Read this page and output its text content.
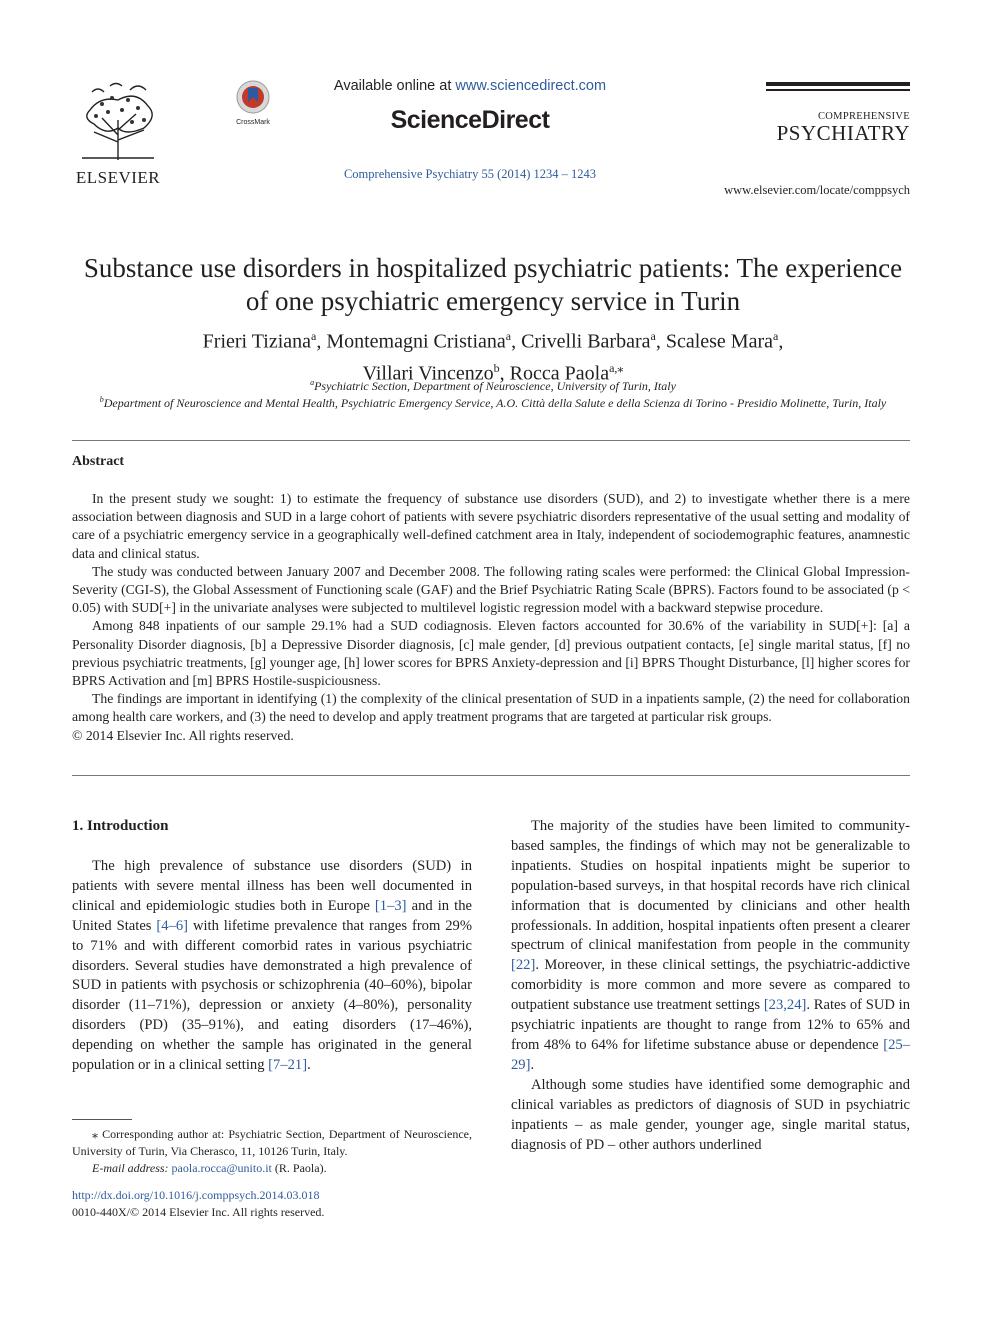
ELSEVIER
CrossMark
Available online at www.sciencedirect.com
ScienceDirect
Comprehensive Psychiatry 55 (2014) 1234 – 1243
COMPREHENSIVE
PSYCHIATRY
www.elsevier.com/locate/comppsych
Substance use disorders in hospitalized psychiatric patients: The experience
of one psychiatric emergency service in Turin
Frieri Tiziana$^a$, Montemagni Cristiana$^a$, Crivelli Barbara$^a$, Scalese Mara$^a$,
Villari Vincenzo$^b$, Rocca Paola$^{a,⁎}$
$^a$Psychiatric Section, Department of Neuroscience, University of Turin, Italy
$^b$Department of Neuroscience and Mental Health, Psychiatric Emergency Service, A.O. Città della Salute e della Scienza di Torino - Presidio Molinette, Turin, Italy
Abstract

In the present study we sought: 1) to estimate the frequency of substance use disorders (SUD), and 2) to investigate whether there is a mere association between diagnosis and SUD in a large cohort of patients with severe psychiatric disorders representative of the usual setting and modality of care of a psychiatric emergency service in a geographically well-defined catchment area in Italy, independent of sociodemographic features, anamnestic data and clinical status.

The study was conducted between January 2007 and December 2008. The following rating scales were performed: the Clinical Global Impression-Severity (CGI-S), the Global Assessment of Functioning scale (GAF) and the Brief Psychiatric Rating Scale (BPRS). Factors found to be associated (p < 0.05) with SUD[+] in the univariate analyses were subjected to multilevel logistic regression model with a backward stepwise procedure.

Among 848 inpatients of our sample 29.1% had a SUD codiagnosis. Eleven factors accounted for 30.6% of the variability in SUD[+]: [a] a Personality Disorder diagnosis, [b] a Depressive Disorder diagnosis, [c] male gender, [d] previous outpatient contacts, [e] single marital status, [f] no previous psychiatric treatments, [g] younger age, [h] lower scores for BPRS Anxiety-depression and [i] BPRS Thought Disturbance, [l] higher scores for BPRS Activation and [m] BPRS Hostile-suspiciousness.

The findings are important in identifying (1) the complexity of the clinical presentation of SUD in a inpatients sample, (2) the need for collaboration among health care workers, and (3) the need to develop and apply treatment programs that are targeted at particular risk groups.

© 2014 Elsevier Inc. All rights reserved.
1. Introduction

The high prevalence of substance use disorders (SUD) in patients with severe mental illness has been well documented in clinical and epidemiologic studies both in Europe [1–3] and in the United States [4–6] with lifetime prevalence that ranges from 29% to 71% and with different comorbid rates in various psychiatric disorders. Several studies have demonstrated a high prevalence of SUD in patients with psychosis or schizophrenia (40–60%), bipolar disorder (11–71%), depression or anxiety (4–80%), personality disorders (PD) (35–91%), and eating disorders (17–46%), depending on whether the sample has originated in the general population or in a clinical setting [7–21].

The majority of the studies have been limited to community-based samples, the findings of which may not be generalizable to inpatients. Studies on hospital inpatients might be superior to population-based surveys, in that hospital records have rich clinical information that is documented by clinicians and other health professionals. In addition, hospital inpatients often present a clearer spectrum of clinical manifestation from people in the community [22]. Moreover, in these clinical settings, the psychiatric-addictive comorbidity is more common and more severe as compared to outpatient substance use treatment settings [23,24]. Rates of SUD in psychiatric inpatients are thought to range from 12% to 65% and from 48% to 64% for lifetime substance abuse or dependence [25–29].

Although some studies have identified some demographic and clinical variables as predictors of diagnosis of SUD in psychiatric inpatients – as male gender, younger age, single marital status, diagnosis of PD – other authors underlined

⁎ Corresponding author at: Psychiatric Section, Department of Neuroscience, University of Turin, Via Cherasco, 11, 10126 Turin, Italy.

E-mail address: paola.rocca@unito.it (R. Paola).

http://dx.doi.org/10.1016/j.comppsych.2014.03.018
0010-440X/© 2014 Elsevier Inc. All rights reserved.
